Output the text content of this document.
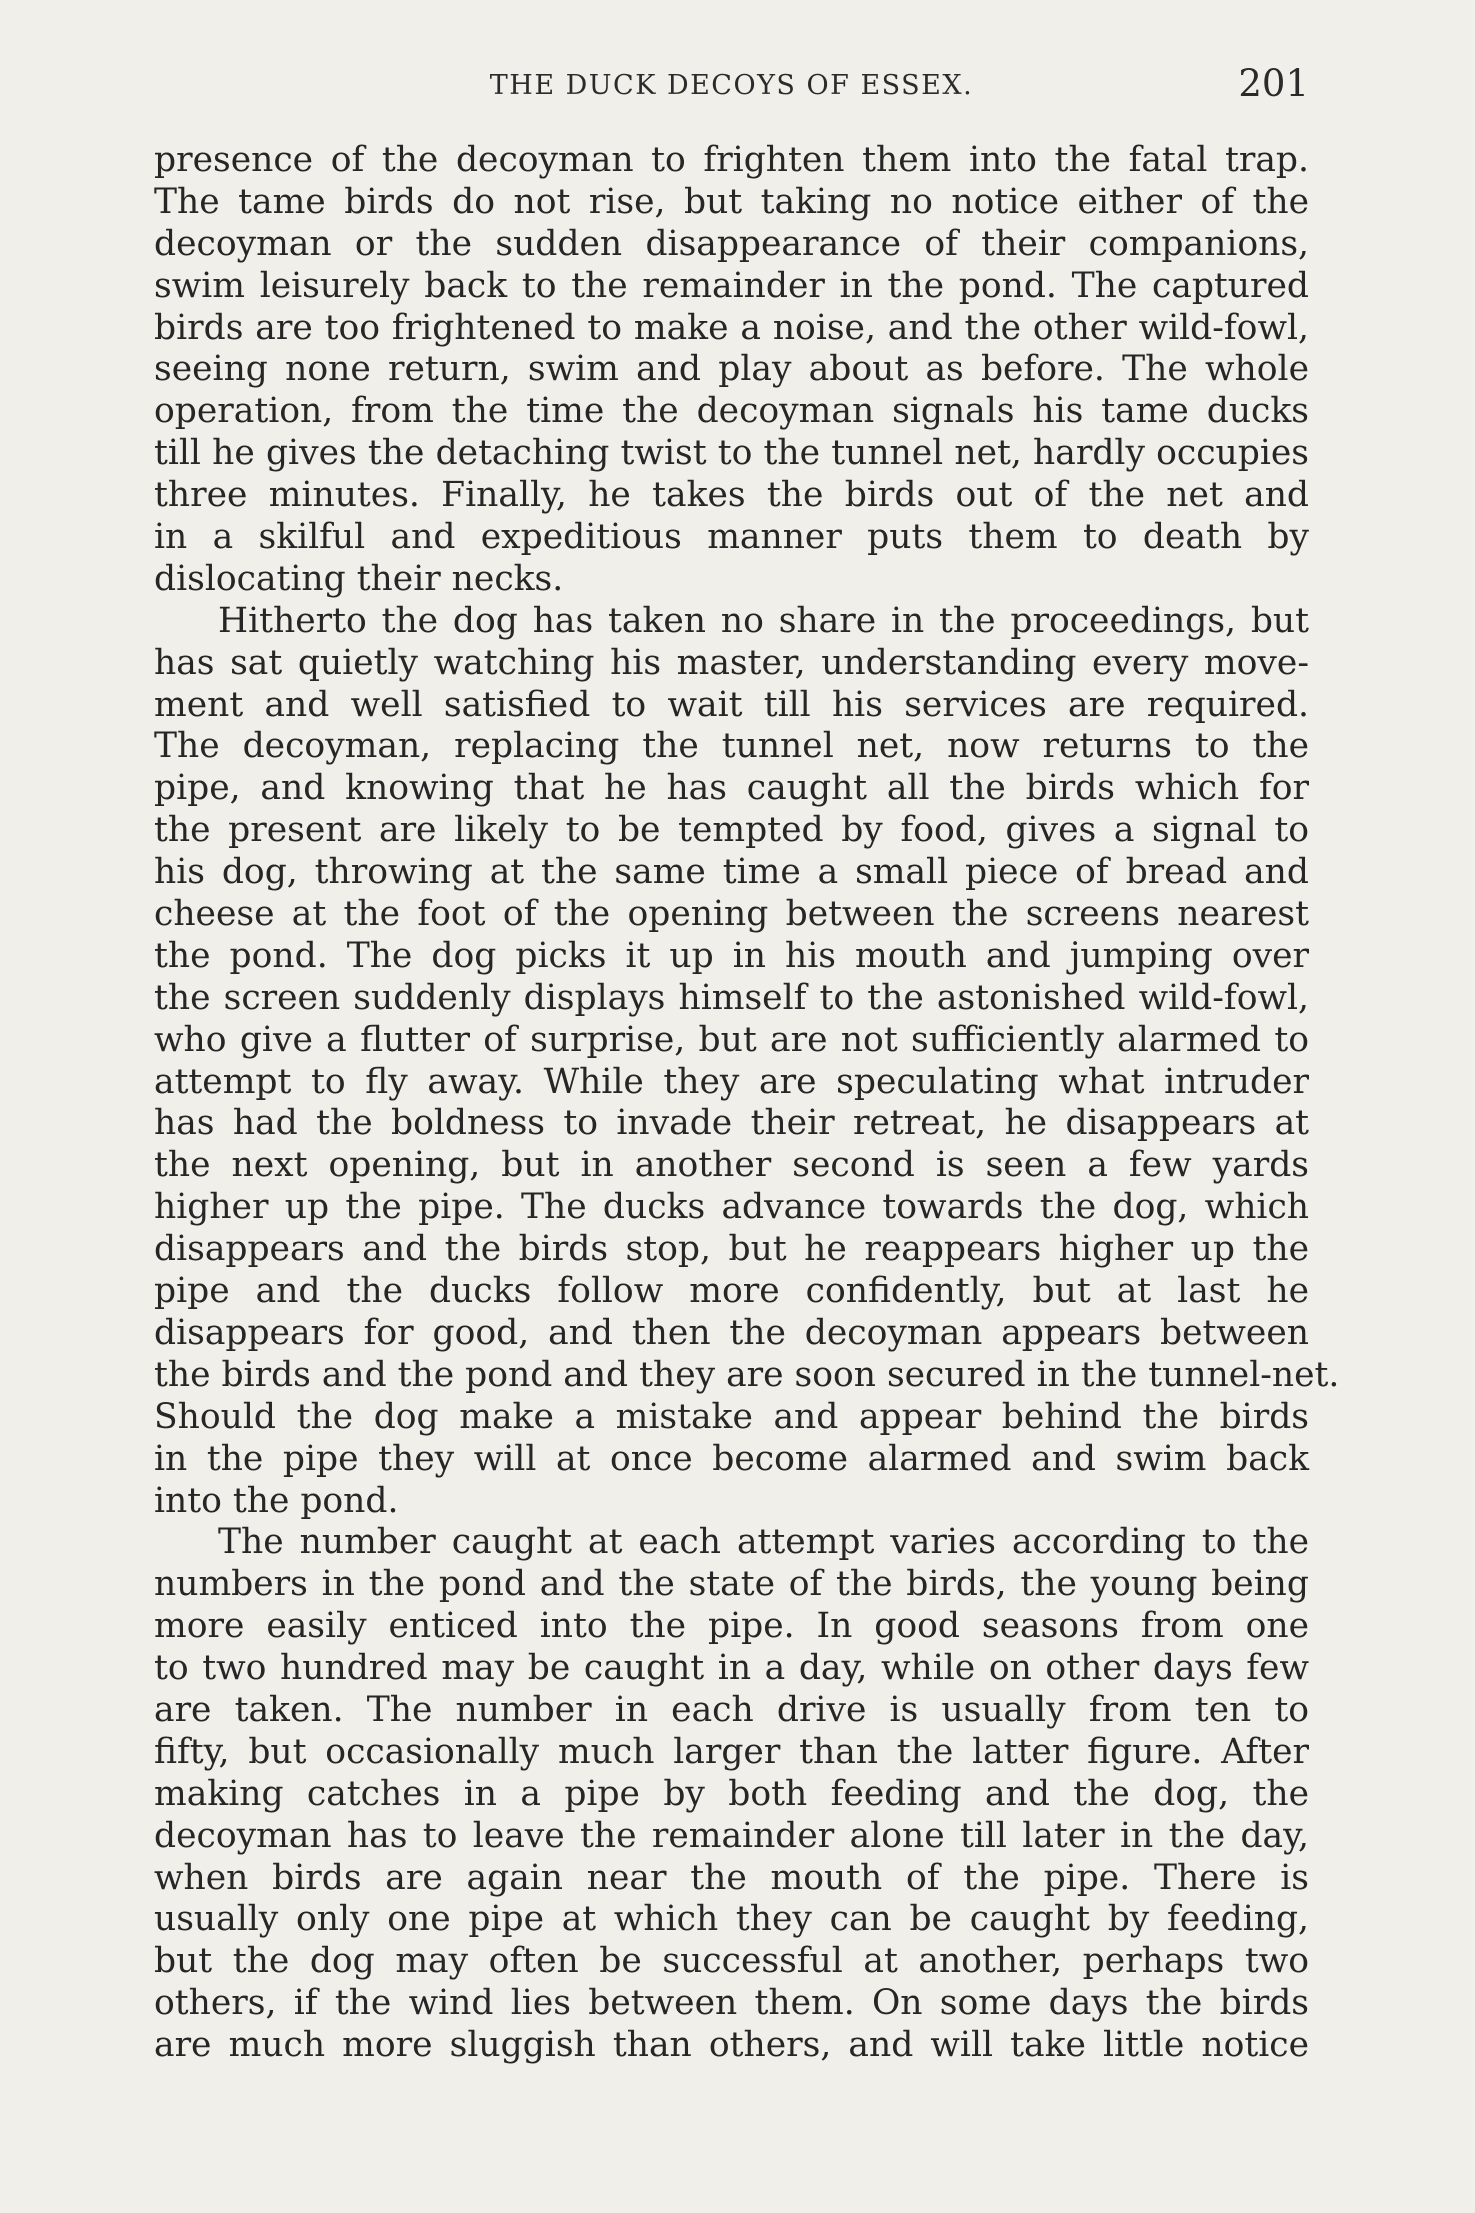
THE DUCK DECOYS OF ESSEX.	201
presence of the decoyman to frighten them into the fatal trap.
The tame birds do not rise, but taking no notice either of the
decoyman or the sudden disappearance of their companions,
swim leisurely back to the remainder in the pond. The captured
birds are too frightened to make a noise, and the other wild-fowl,
seeing none return, swim and play about as before. The whole
operation, from the time the decoyman signals his tame ducks
till he gives the detaching twist to the tunnel net, hardly occupies
three minutes. Finally, he takes the birds out of the net and
in a skilful and expeditious manner puts them to death by
dislocating their necks.
Hitherto the dog has taken no share in the proceedings, but
has sat quietly watching his master, understanding every move-
ment and well satisfied to wait till his services are required.
The decoyman, replacing the tunnel net, now returns to the
pipe, and knowing that he has caught all the birds which for
the present are likely to be tempted by food, gives a signal to
his dog, throwing at the same time a small piece of bread and
cheese at the foot of the opening between the screens nearest
the pond. The dog picks it up in his mouth and jumping over
the screen suddenly displays himself to the astonished wild-fowl,
who give a flutter of surprise, but are not sufficiently alarmed to
attempt to fly away. While they are speculating what intruder
has had the boldness to invade their retreat, he disappears at
the next opening, but in another second is seen a few yards
higher up the pipe. The ducks advance towards the dog, which
disappears and the birds stop, but he reappears higher up the
pipe and the ducks follow more confidently, but at last he
disappears for good, and then the decoyman appears between
the birds and the pond and they are soon secured in the tunnel-net.
Should the dog make a mistake and appear behind the birds
in the pipe they will at once become alarmed and swim back
into the pond.
The number caught at each attempt varies according to the
numbers in the pond and the state of the birds, the young being
more easily enticed into the pipe. In good seasons from one
to two hundred may be caught in a day, while on other days few
are taken. The number in each drive is usually from ten to
fifty, but occasionally much larger than the latter figure. After
making catches in a pipe by both feeding and the dog, the
decoyman has to leave the remainder alone till later in the day,
when birds are again near the mouth of the pipe. There is
usually only one pipe at which they can be caught by feeding,
but the dog may often be successful at another, perhaps two
others, if the wind lies between them. On some days the birds
are much more sluggish than others, and will take little notice
